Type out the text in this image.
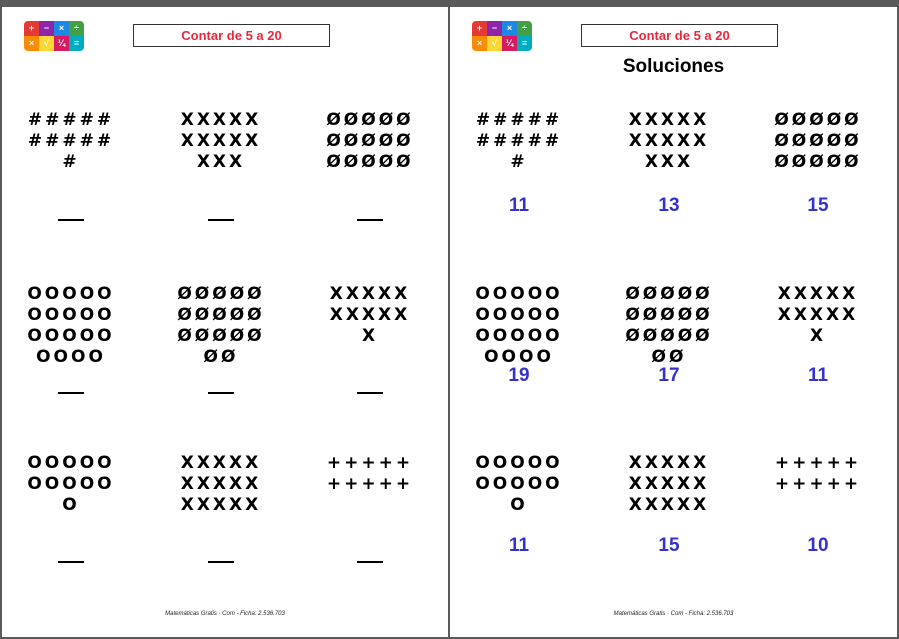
+	−	×	÷
×	√ ¼ =	Contar de 5 a 20
#####
#####
#
XXXXX
XXXXX
XXX
ØØØØØ
ØØØØØ
ØØØØØ
OOOOO
OOOOO
OOOOO
OOOO
ØØØØØ
ØØØØØ
ØØØØØ
ØØ
XXXXX
XXXXX
X
OOOOO
OOOOO
O
XXXXX
XXXXX
XXXXX
+++++
+++++
Matemáticas Gratis · Com - Ficha: 2.536.703
+	−	×	÷
×	√ ¼ =	Contar de 5 a 20
Soluciones
#####
#####
#
11
XXXXX
XXXXX
XXX
13
ØØØØØ
ØØØØØ
ØØØØØ
15
OOOOO
OOOOO
OOOOO
OOOO
19
ØØØØØ
ØØØØØ
ØØØØØ
ØØ
17
XXXXX
XXXXX
X
11
OOOOO
OOOOO
O
11
XXXXX
XXXXX
XXXXX
15
+++++
+++++
10
Matemáticas Gratis · Com - Ficha: 2.536.703
